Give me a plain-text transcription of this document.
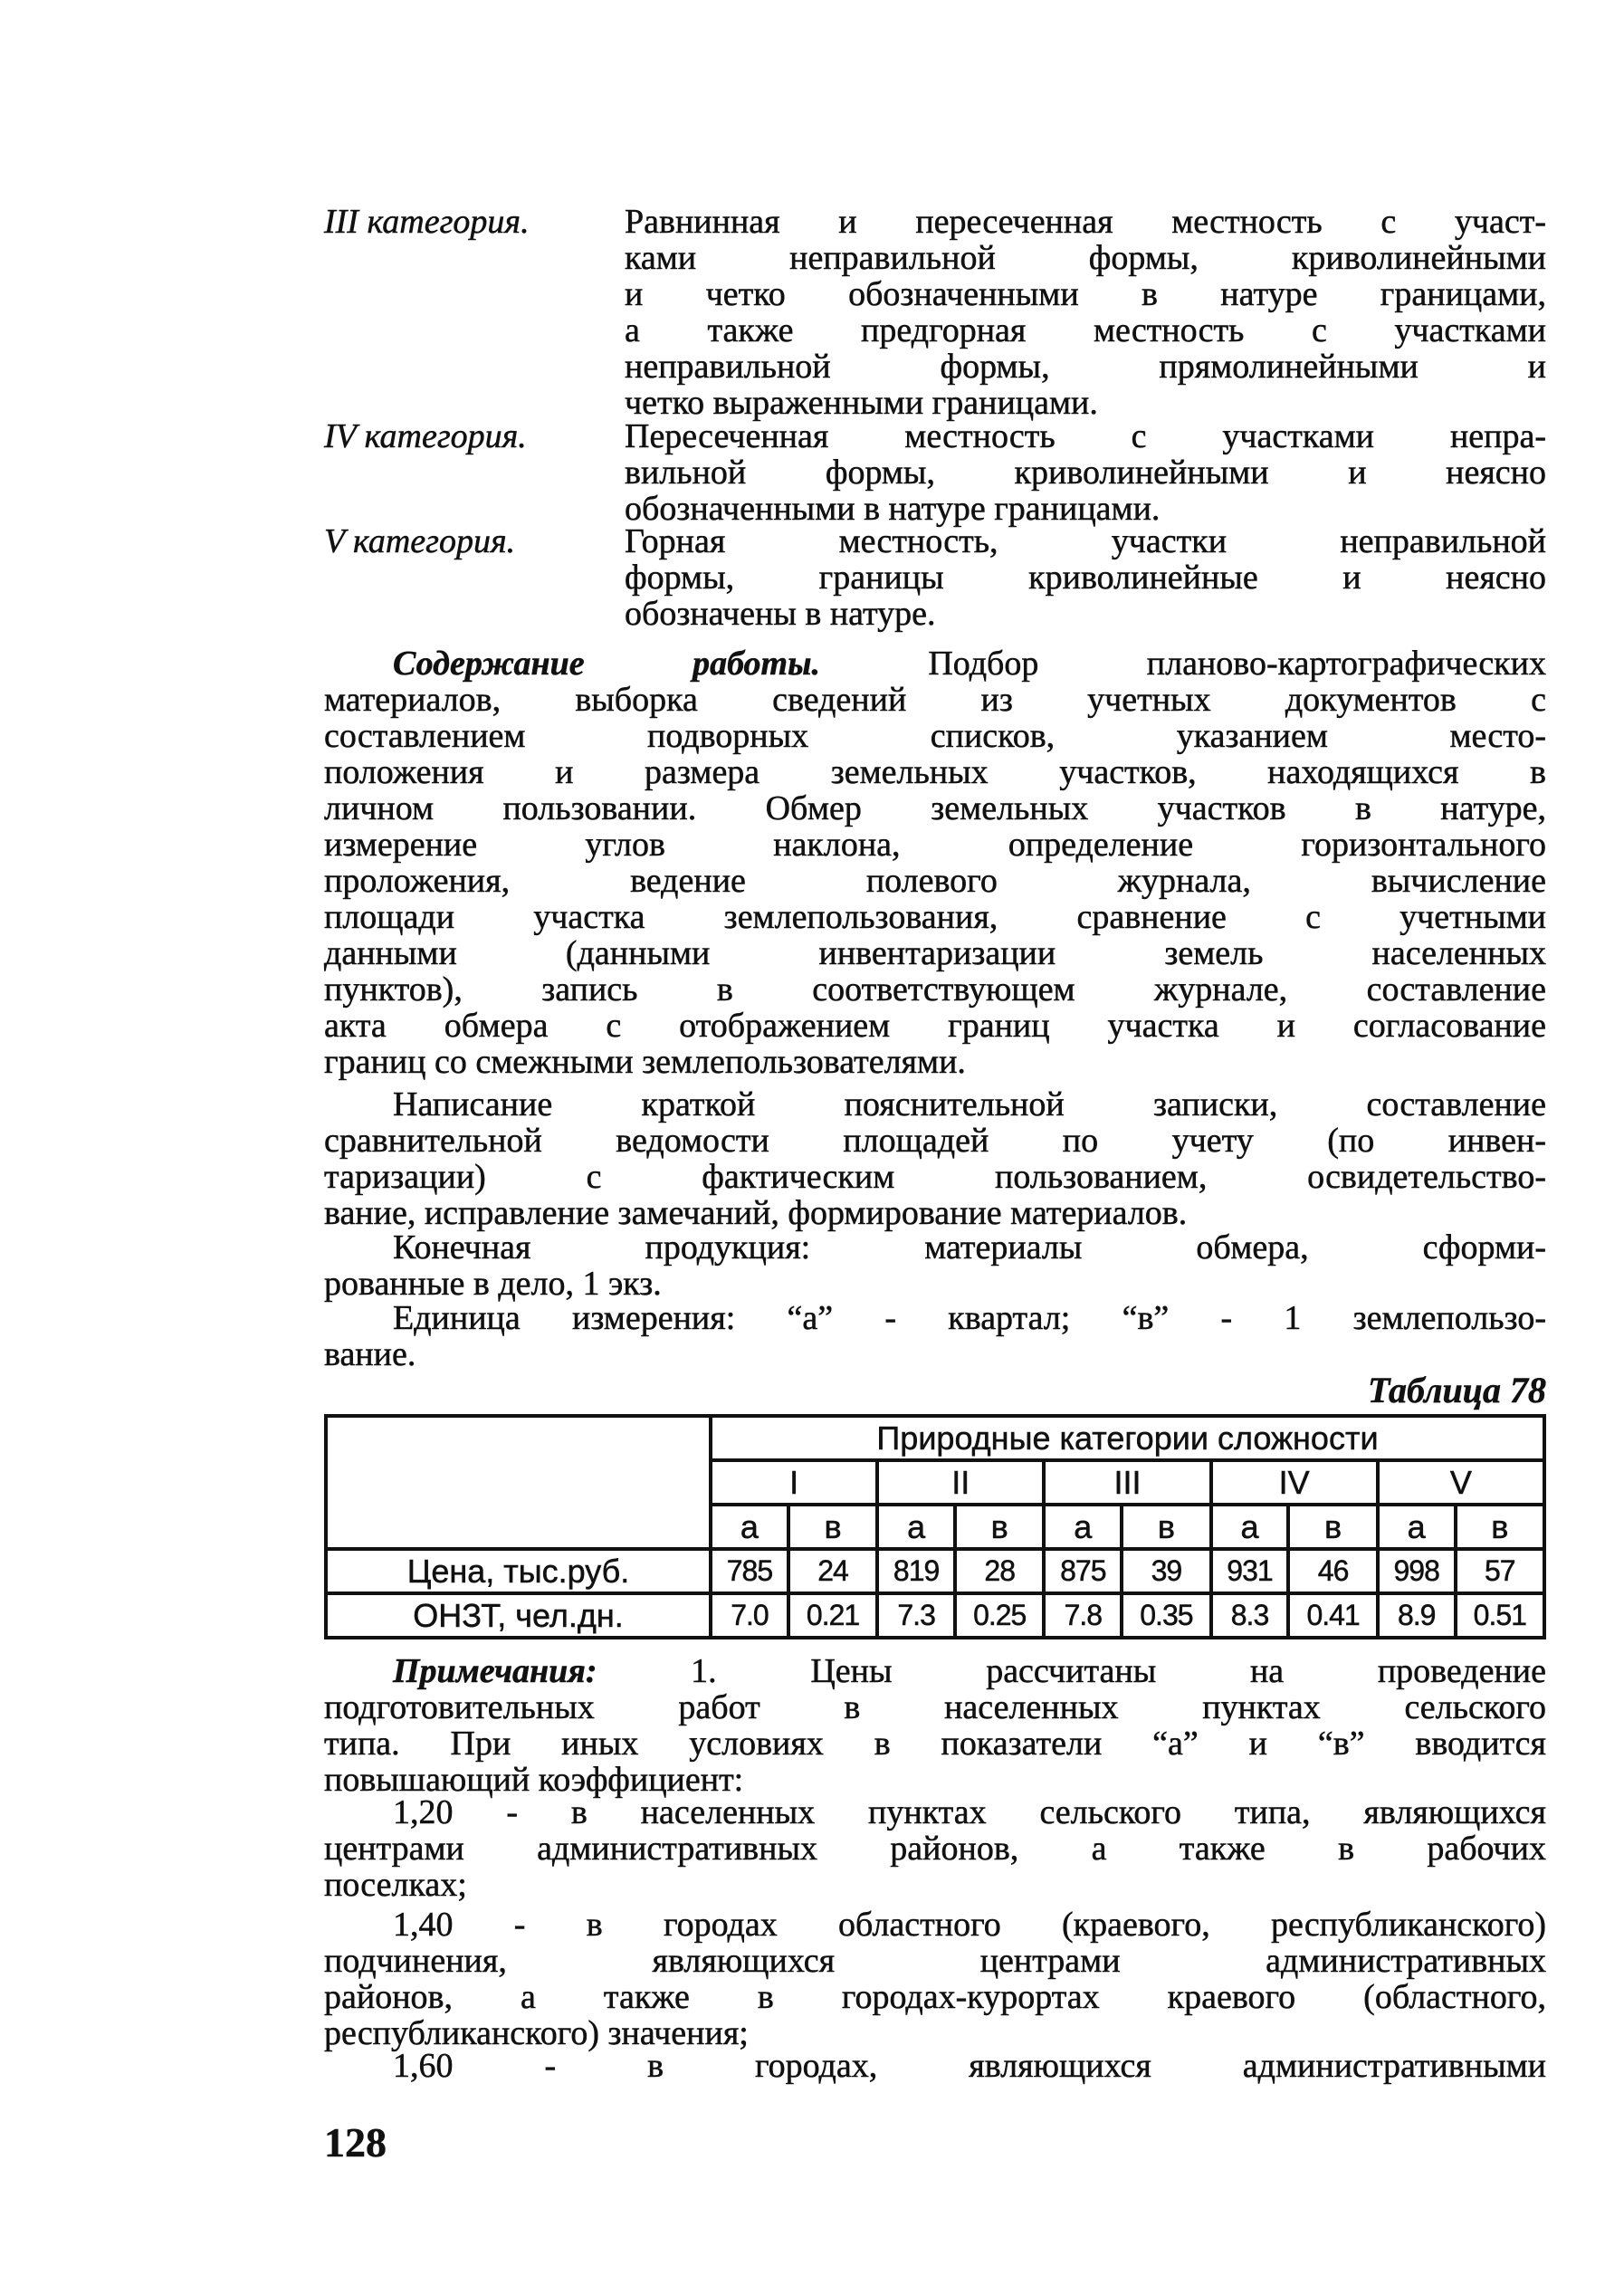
III категория.	Равнинная и пересеченная местность с участ-
ками неправильной формы, криволинейными
и четко обозначенными в натуре границами,
а также предгорная местность с участками
неправильной формы, прямолинейными и
четко выраженными границами.
IV категория.	Пересеченная местность с участками непра-
вильной формы, криволинейными и неясно
обозначенными в натуре границами.
V категория.	Горная местность, участки неправильной
формы, границы криволинейные и неясно
обозначены в натуре.
Содержание работы. Подбор планово-картографических
материалов, выборка сведений из учетных документов с
составлением подворных списков, указанием место-
положения и размера земельных участков, находящихся в
личном пользовании. Обмер земельных участков в натуре,
измерение углов наклона, определение горизонтального
проложения, ведение полевого журнала, вычисление
площади участка землепользования, сравнение с учетными
данными (данными инвентаризации земель населенных
пунктов), запись в соответствующем журнале, составление
акта обмера с отображением границ участка и согласование
границ со смежными землепользователями.
Написание краткой пояснительной записки, составление
сравнительной ведомости площадей по учету (по инвен-
таризации) с фактическим пользованием, освидетельство-
вание, исправление замечаний, формирование материалов.
Конечная продукция: материалы обмера, сформи-
рованные в дело, 1 экз.
Единица измерения: “а” - квартал; “в” - 1 землепользо-
вание.
Таблица 78
	Природные категории сложности									
	I		II		III		IV		V	
	а	в	а	в	а	в	а	в	а	в
Цена, тыс.руб.	785	24	819	28	875	39	931	46	998	57
ОНЗТ, чел.дн.	7.0	0.21	7.3	0.25	7.8	0.35	8.3	0.41	8.9	0.51
Примечания: 1. Цены рассчитаны на проведение
подготовительных работ в населенных пунктах сельского
типа. При иных условиях в показатели “а” и “в” вводится
повышающий коэффициент:
1,20 - в населенных пунктах сельского типа, являющихся
центрами административных районов, а также в рабочих
поселках;
1,40 - в городах областного (краевого, республиканского)
подчинения, являющихся центрами административных
районов, а также в городах-курортах краевого (областного,
республиканского) значения;
1,60 - в городах, являющихся административными
128
